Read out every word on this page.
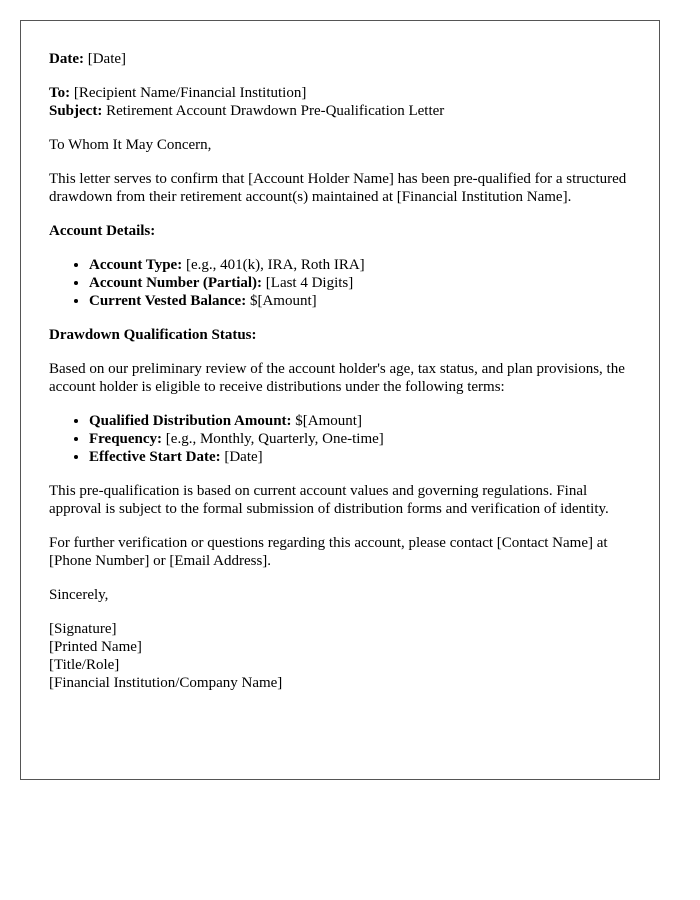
Date: [Date]

To: [Recipient Name/Financial Institution]

Subject: Retirement Account Drawdown Pre-Qualification Letter

To Whom It May Concern,

This letter serves to confirm that [Account Holder Name] has been pre-qualified for a structured drawdown from their retirement account(s) maintained at [Financial Institution Name].

Account Details:

• Account Type: [e.g., 401(k), IRA, Roth IRA]
• Account Number (Partial): [Last 4 Digits]
• Current Vested Balance: $[Amount]

Drawdown Qualification Status:

Based on our preliminary review of the account holder's age, tax status, and plan provisions, the account holder is eligible to receive distributions under the following terms:

• Qualified Distribution Amount: $[Amount]
• Frequency: [e.g., Monthly, Quarterly, One-time]
• Effective Start Date: [Date]

This pre-qualification is based on current account values and governing regulations. Final approval is subject to the formal submission of distribution forms and verification of identity.

For further verification or questions regarding this account, please contact [Contact Name] at [Phone Number] or [Email Address].

Sincerely,

[Signature]

[Printed Name]

[Title/Role]

[Financial Institution/Company Name]
